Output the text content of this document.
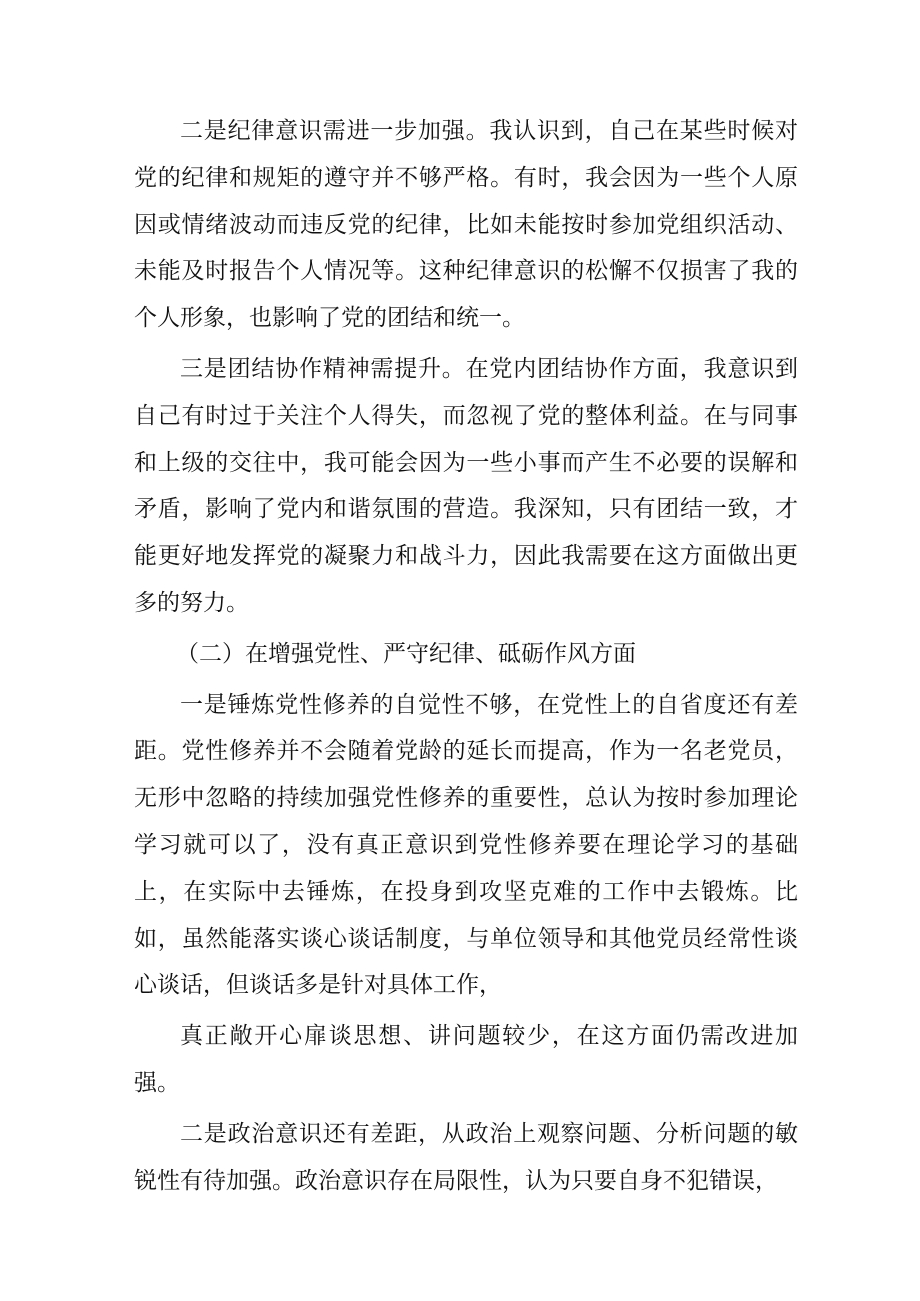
二是纪律意识需进一步加强。我认识到，自己在某些时候对党的纪律和规矩的遵守并不够严格。有时，我会因为一些个人原因或情绪波动而违反党的纪律，比如未能按时参加党组织活动、未能及时报告个人情况等。这种纪律意识的松懈不仅损害了我的个人形象，也影响了党的团结和统一。

三是团结协作精神需提升。在党内团结协作方面，我意识到自己有时过于关注个人得失，而忽视了党的整体利益。在与同事和上级的交往中，我可能会因为一些小事而产生不必要的误解和矛盾，影响了党内和谐氛围的营造。我深知，只有团结一致，才能更好地发挥党的凝聚力和战斗力，因此我需要在这方面做出更多的努力。

（二）在增强党性、严守纪律、砥砺作风方面

一是锤炼党性修养的自觉性不够，在党性上的自省度还有差距。党性修养并不会随着党龄的延长而提高，作为一名老党员，无形中忽略的持续加强党性修养的重要性，总认为按时参加理论学习就可以了，没有真正意识到党性修养要在理论学习的基础上，在实际中去锤炼，在投身到攻坚克难的工作中去锻炼。比如，虽然能落实谈心谈话制度，与单位领导和其他党员经常性谈心谈话，但谈话多是针对具体工作，

真正敞开心扉谈思想、讲问题较少，在这方面仍需改进加强。

二是政治意识还有差距，从政治上观察问题、分析问题的敏锐性有待加强。政治意识存在局限性，认为只要自身不犯错误，
